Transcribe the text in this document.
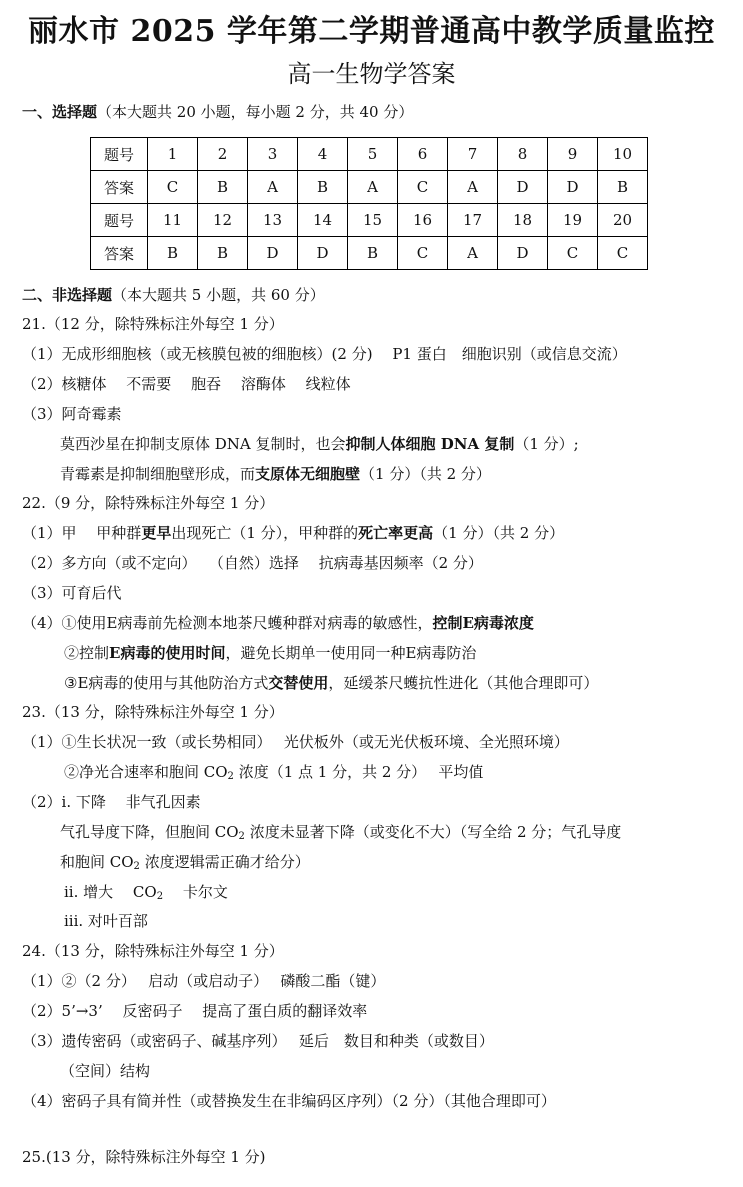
丽水市 2025 学年第二学期普通高中教学质量监控
高一生物学答案
一、选择题（本大题共 20 小题，每小题 2 分，共 40 分）
题号	1	2	3	4	5	6	7	8	9	10
答案	C	B	A	B	A	C	A	D	D	B
题号	11	12	13	14	15	16	17	18	19	20
答案	B	B	D	D	B	C	A	D	C	C
二、非选择题（本大题共 5 小题，共 60 分）
21.（12 分，除特殊标注外每空 1 分）
（1）无成形细胞核（或无核膜包被的细胞核）(2 分)　 P1 蛋白　细胞识别（或信息交流）
（2）核糖体　 不需要　 胞吞　 溶酶体　 线粒体
（3）阿奇霉素
莫西沙星在抑制支原体 DNA 复制时，也会抑制人体细胞 DNA 复制（1 分）;
青霉素是抑制细胞壁形成，而支原体无细胞壁（1 分）（共 2 分）
22.（9 分，除特殊标注外每空 1 分）
（1）甲　 甲种群更早出现死亡（1 分），甲种群的死亡率更高（1 分）（共 2 分）
（2）多方向（或不定向）　 （自然）选择　 抗病毒基因频率（2 分）
（3）可育后代
（4）①使用E病毒前先检测本地茶尺蠖种群对病毒的敏感性，控制E病毒浓度
②控制E病毒的使用时间，避免长期单一使用同一种E病毒防治
③E病毒的使用与其他防治方式交替使用，延缓茶尺蠖抗性进化（其他合理即可）
23.（13 分，除特殊标注外每空 1 分）
（1）①生长状况一致（或长势相同）　 光伏板外（或无光伏板环境、全光照环境）
②净光合速率和胞间 $CO_2$ 浓度（1 点 1 分，共 2 分）　 平均值
（2）i. 下降　 非气孔因素
气孔导度下降，但胞间 $CO_2$ 浓度未显著下降（或变化不大）（写全给 2 分；气孔导度
和胞间 $CO_2$ 浓度逻辑需正确才给分）
ii. 增大　 $CO_2$　 卡尔文
iii. 对叶百部
24.（13 分，除特殊标注外每空 1 分）
（1）②（2 分）　 启动（或启动子）　 磷酸二酯（键）
（2）5’→3’　 反密码子　 提高了蛋白质的翻译效率
（3）遗传密码（或密码子、碱基序列）　 延后　数目和种类（或数目）
（空间）结构
（4）密码子具有简并性（或替换发生在非编码区序列）（2 分）（其他合理即可）
25.(13 分，除特殊标注外每空 1 分)
